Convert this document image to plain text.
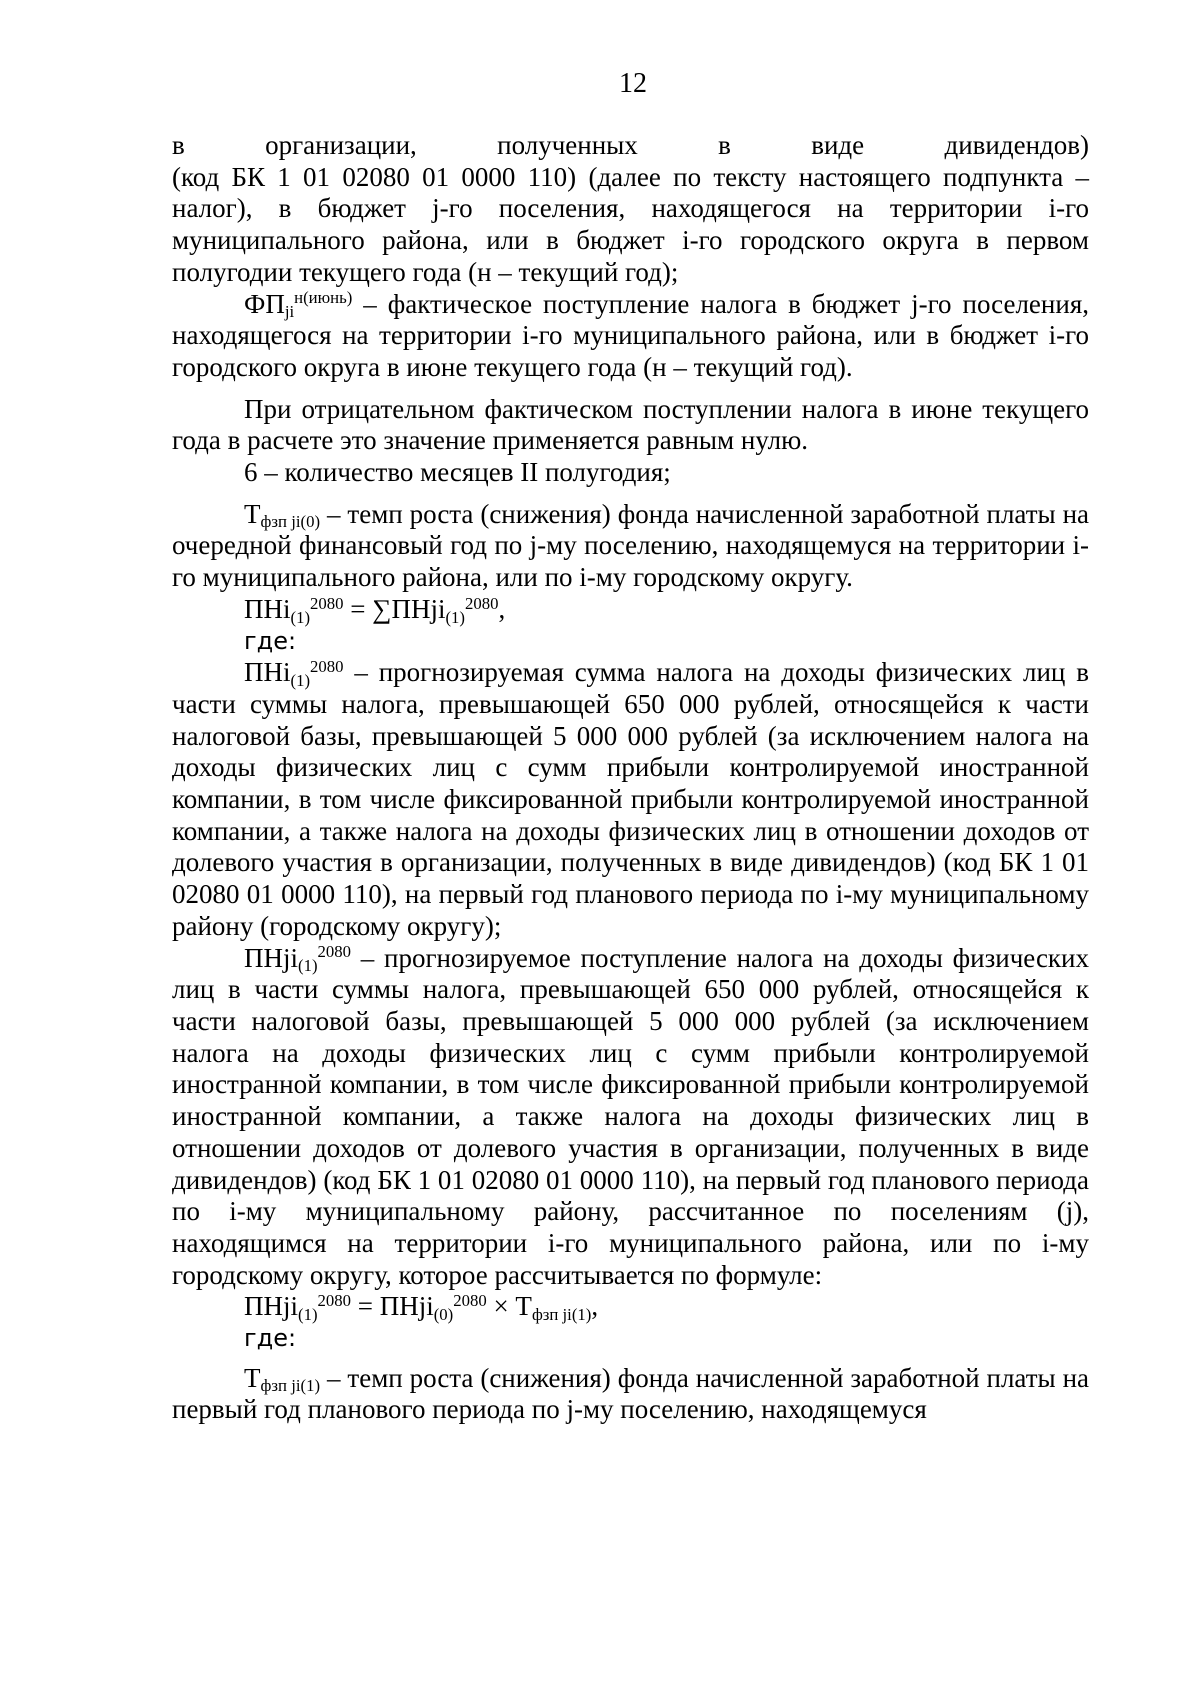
12

в организации, полученных в виде дивидендов)

(код БК 1 01 02080 01 0000 110) (далее по тексту настоящего подпункта – налог), в бюджет j-го поселения, находящегося на территории i-го муниципального района, или в бюджет i-го городского округа в первом полугодии текущего года (н – текущий год);

$ФП_{ji}^{н(июнь)}$ – фактическое поступление налога в бюджет j-го поселения, находящегося на территории i-го муниципального района, или в бюджет i-го городского округа в июне текущего года (н – текущий год).

При отрицательном фактическом поступлении налога в июне текущего года в расчете это значение применяется равным нулю.

6 – количество месяцев II полугодия;

$Т_{фзп ji(0)}$ – темп роста (снижения) фонда начисленной заработной платы на очередной финансовый год по j-му поселению, находящемуся на территории i-го муниципального района, или по i-му городскому округу.

ПНi$_{(1)}^{2080}$ = ∑ПНji$_{(1)}^{2080}$,

где:

ПНi$_{(1)}^{2080}$ – прогнозируемая сумма налога на доходы физических лиц в части суммы налога, превышающей 650 000 рублей, относящейся к части налоговой базы, превышающей 5 000 000 рублей (за исключением налога на доходы физических лиц с сумм прибыли контролируемой иностранной компании, в том числе фиксированной прибыли контролируемой иностранной компании, а также налога на доходы физических лиц в отношении доходов от долевого участия в организации, полученных в виде дивидендов) (код БК 1 01 02080 01 0000 110), на первый год планового периода по i-му муниципальному району (городскому округу);

ПНji$_{(1)}^{2080}$ – прогнозируемое поступление налога на доходы физических лиц в части суммы налога, превышающей 650 000 рублей, относящейся к части налоговой базы, превышающей 5 000 000 рублей (за исключением налога на доходы физических лиц с сумм прибыли контролируемой иностранной компании, в том числе фиксированной прибыли контролируемой иностранной компании, а также налога на доходы физических лиц в отношении доходов от долевого участия в организации, полученных в виде дивидендов) (код БК 1 01 02080 01 0000 110), на первый год планового периода по i-му муниципальному району, рассчитанное по поселениям (j), находящимся на территории i-го муниципального района, или по i-му городскому округу, которое рассчитывается по формуле:

ПНji$_{(1)}^{2080}$ = ПНji$_{(0)}^{2080}$ × $Т_{фзп ji(1)}$,

где:

$Т_{фзп ji(1)}$ – темп роста (снижения) фонда начисленной заработной платы на первый год планового периода по j-му поселению, находящемуся
